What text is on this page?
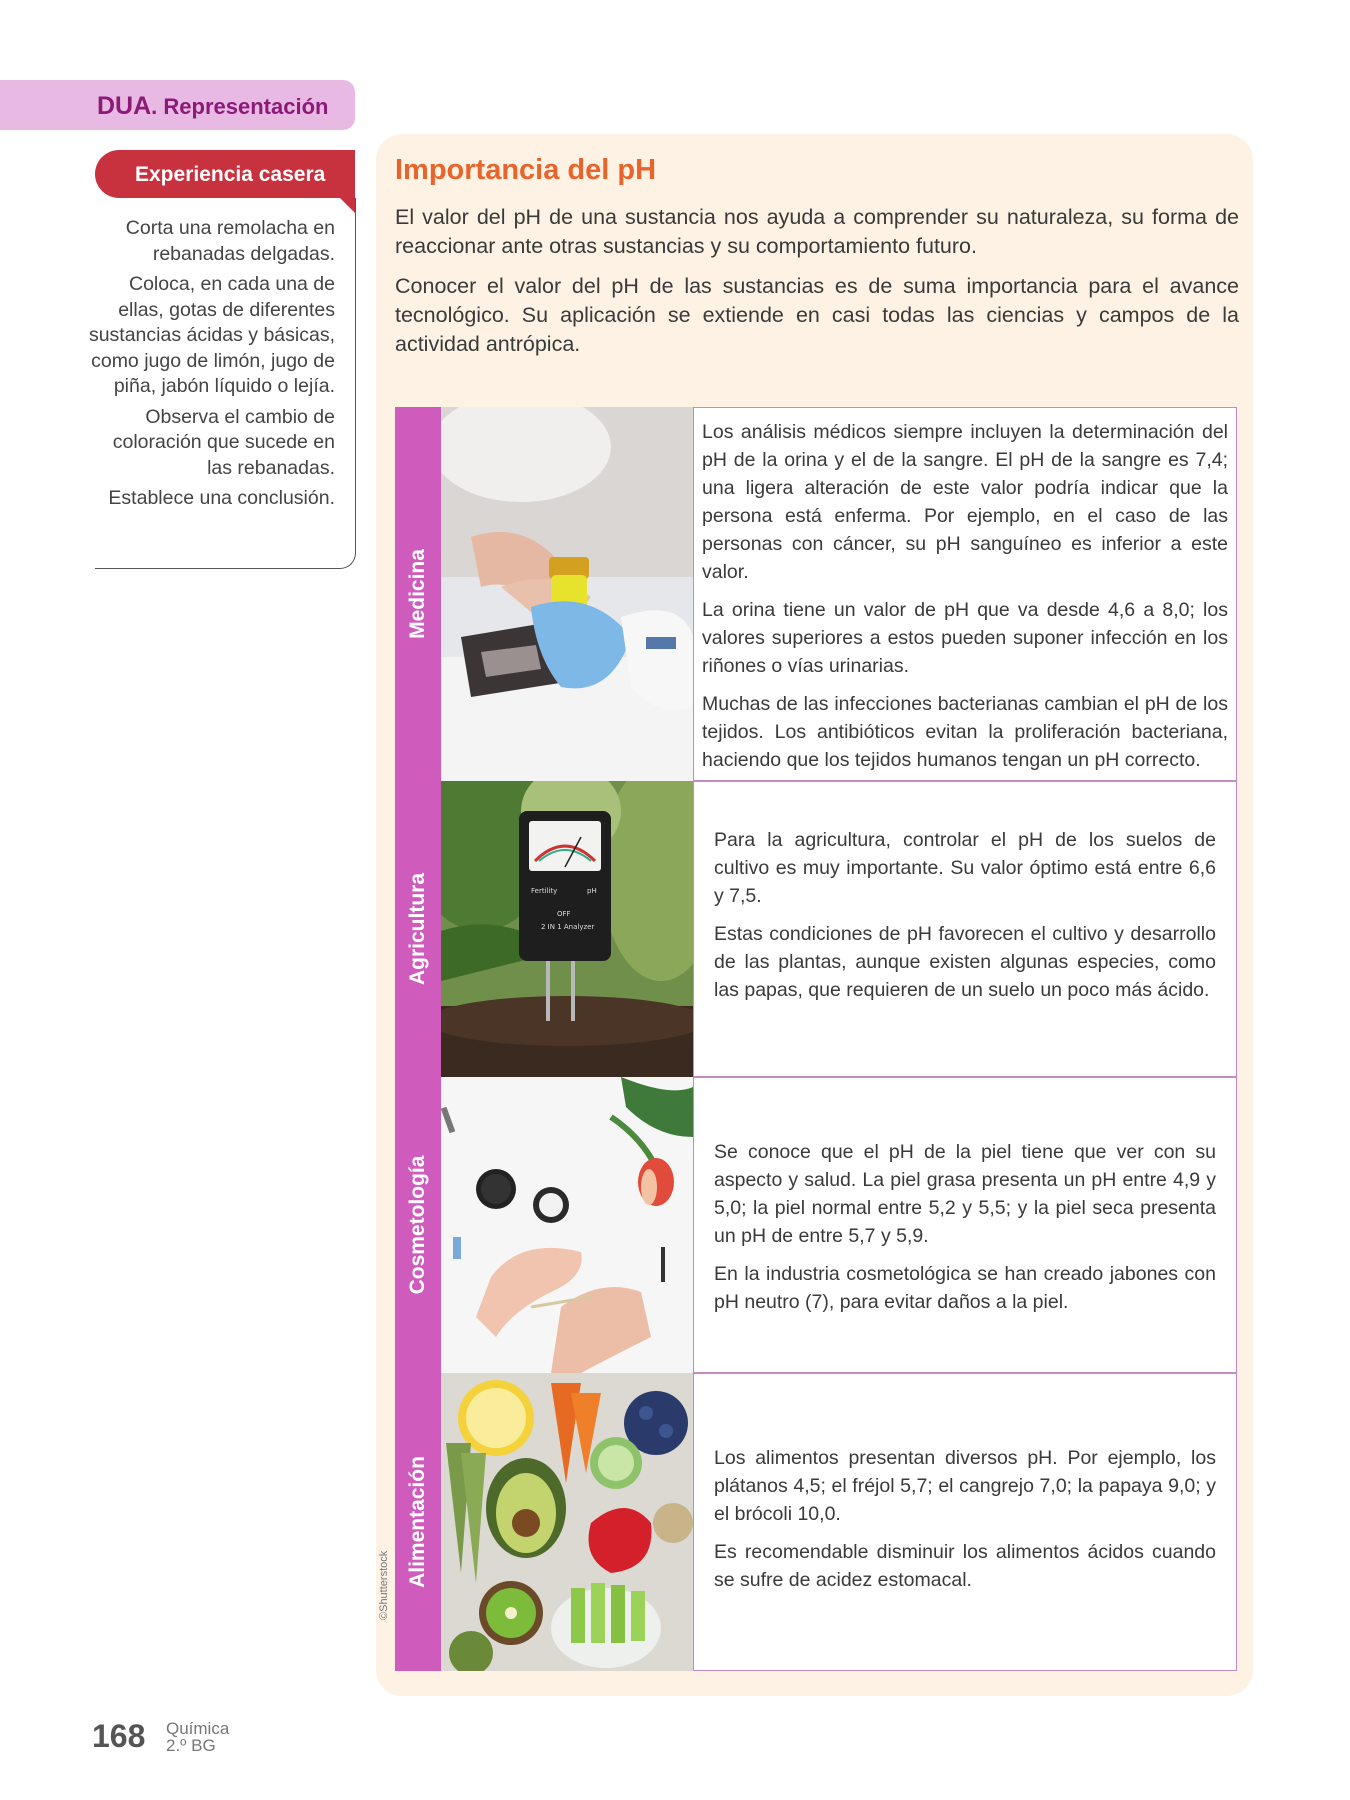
DUA. Representación
Experiencia casera

Corta una remolacha en rebanadas delgadas.

Coloca, en cada una de ellas, gotas de diferentes sustancias ácidas y básicas, como jugo de limón, jugo de piña, jabón líquido o lejía.

Observa el cambio de coloración que sucede en las rebanadas.

Establece una conclusión.

Importancia del pH

El valor del pH de una sustancia nos ayuda a comprender su naturaleza, su forma de reaccionar ante otras sustancias y su comportamiento futuro.

Conocer el valor del pH de las sustancias es de suma importancia para el avance tecnológico. Su aplicación se extiende en casi todas las ciencias y campos de la actividad antrópica.

Medicina

Los análisis médicos siempre incluyen la determinación del pH de la orina y el de la sangre. El pH de la sangre es 7,4; una ligera alteración de este valor podría indicar que la persona está enferma. Por ejemplo, en el caso de las personas con cáncer, su pH sanguíneo es inferior a este valor.

La orina tiene un valor de pH que va desde 4,6 a 8,0; los valores superiores a estos pueden suponer infección en los riñones o vías urinarias.

Muchas de las infecciones bacterianas cambian el pH de los tejidos. Los antibióticos evitan la proliferación bacteriana, haciendo que los tejidos humanos tengan un pH correcto.

Agricultura	Fertility	pH
OFF
2 IN 1 Analyzer

Para la agricultura, controlar el pH de los suelos de cultivo es muy importante. Su valor óptimo está entre 6,6 y 7,5.

Estas condiciones de pH favorecen el cultivo y desarrollo de las plantas, aunque existen algunas especies, como las papas, que requieren de un suelo un poco más ácido.

Cosmetología

Se conoce que el pH de la piel tiene que ver con su aspecto y salud. La piel grasa presenta un pH entre 4,9 y 5,0; la piel normal entre 5,2 y 5,5; y la piel seca presenta un pH de entre 5,7 y 5,9.

En la industria cosmetológica se han creado jabones con pH neutro (7), para evitar daños a la piel.

Alimentación	Los alimentos presentan diversos pH. Por ejemplo, los plátanos 4,5; el fréjol 5,7; el cangrejo 7,0; la papaya 9,0; y el brócoli 10,0.

Es recomendable disminuir los alimentos ácidos cuando se sufre de acidez estomacal.

©Shutterstock
168 Química
2.º BG
